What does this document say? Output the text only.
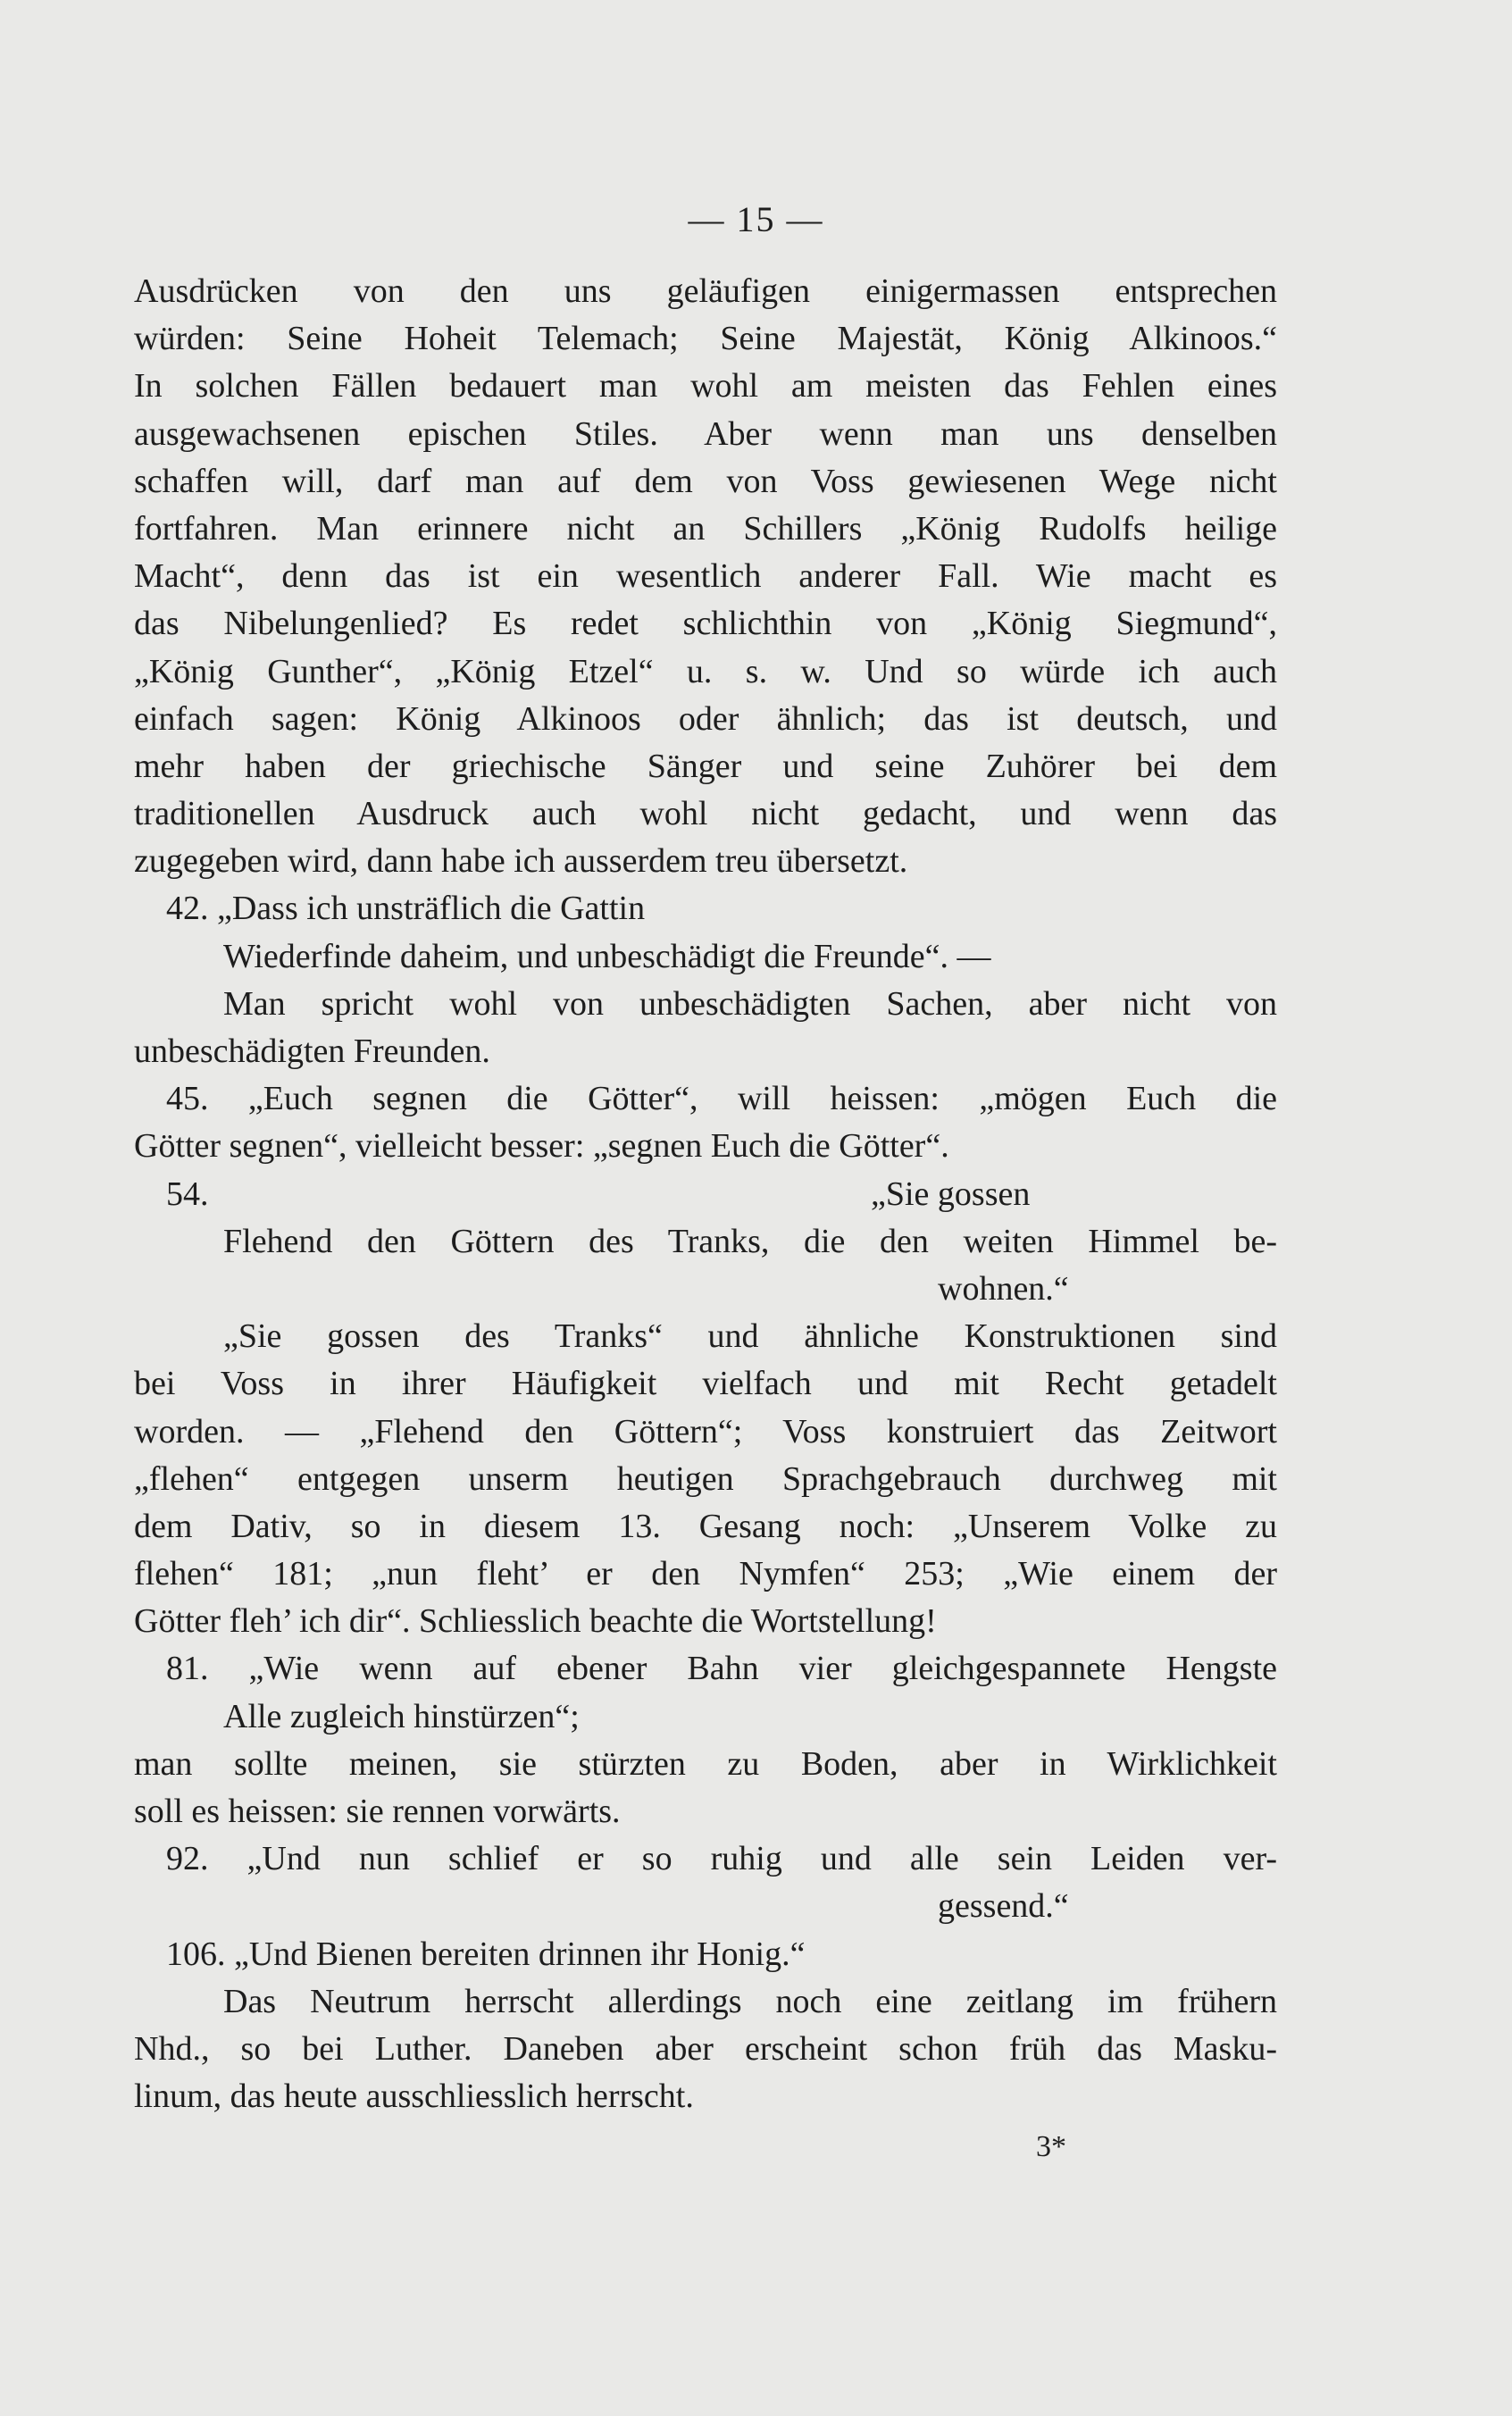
— 15 —
Ausdrücken von den uns geläufigen einigermassen entsprechen
würden: Seine Hoheit Telemach; Seine Majestät, König Alkinoos.“
In solchen Fällen bedauert man wohl am meisten das Fehlen eines
ausgewachsenen epischen Stiles. Aber wenn man uns denselben
schaffen will, darf man auf dem von Voss gewiesenen Wege nicht
fortfahren. Man erinnere nicht an Schillers „König Rudolfs heilige
Macht“, denn das ist ein wesentlich anderer Fall. Wie macht es
das Nibelungenlied? Es redet schlichthin von „König Siegmund“,
„König Gunther“, „König Etzel“ u. s. w. Und so würde ich auch
einfach sagen: König Alkinoos oder ähnlich; das ist deutsch, und
mehr haben der griechische Sänger und seine Zuhörer bei dem
traditionellen Ausdruck auch wohl nicht gedacht, und wenn das
zugegeben wird, dann habe ich ausserdem treu übersetzt.
42. „Dass ich unsträflich die Gattin
Wiederfinde daheim, und unbeschädigt die Freunde“. —
Man spricht wohl von unbeschädigten Sachen, aber nicht von
unbeschädigten Freunden.
45. „Euch segnen die Götter“, will heissen: „mögen Euch die
Götter segnen“, vielleicht besser: „segnen Euch die Götter“.
54.	„Sie gossen
Flehend den Göttern des Tranks, die den weiten Himmel be-
wohnen.“
„Sie gossen des Tranks“ und ähnliche Konstruktionen sind
bei Voss in ihrer Häufigkeit vielfach und mit Recht getadelt
worden. — „Flehend den Göttern“; Voss konstruiert das Zeitwort
„flehen“ entgegen unserm heutigen Sprachgebrauch durchweg mit
dem Dativ, so in diesem 13. Gesang noch: „Unserem Volke zu
flehen“ 181; „nun fleht’ er den Nymfen“ 253; „Wie einem der
Götter fleh’ ich dir“. Schliesslich beachte die Wortstellung!
81. „Wie wenn auf ebener Bahn vier gleichgespannete Hengste
Alle zugleich hinstürzen“;
man sollte meinen, sie stürzten zu Boden, aber in Wirklichkeit
soll es heissen: sie rennen vorwärts.
92. „Und nun schlief er so ruhig und alle sein Leiden ver-
gessend.“
106. „Und Bienen bereiten drinnen ihr Honig.“
Das Neutrum herrscht allerdings noch eine zeitlang im frühern
Nhd., so bei Luther. Daneben aber erscheint schon früh das Masku-
linum, das heute ausschliesslich herrscht.
3*
